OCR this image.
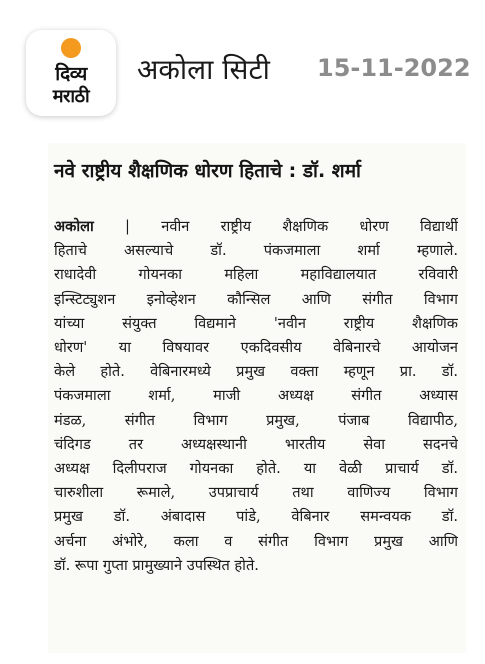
दिव्य
मराठी
अकोला सिटी 15-11-2022
नवे राष्ट्रीय शैक्षणिक धोरण हिताचे : डॉ. शर्मा
अकोला | नवीन राष्ट्रीय शैक्षणिक धोरण विद्यार्थी
हिताचे असल्याचे डॉ. पंकजमाला शर्मा म्हणाले.
राधादेवी गोयनका महिला महाविद्यालयात रविवारी
इन्स्टिट्युशन इनोव्हेशन कौन्सिल आणि संगीत विभाग
यांच्या संयुक्त विद्यमाने 'नवीन राष्ट्रीय शैक्षणिक
धोरण' या विषयावर एकदिवसीय वेबिनारचे आयोजन
केले होते. वेबिनारमध्ये प्रमुख वक्ता म्हणून प्रा. डॉ.
पंकजमाला शर्मा, माजी अध्यक्ष संगीत अध्यास
मंडळ, संगीत विभाग प्रमुख, पंजाब विद्यापीठ,
चंदिगड तर अध्यक्षस्थानी भारतीय सेवा सदनचे
अध्यक्ष दिलीपराज गोयनका होते. या वेळी प्राचार्य डॉ.
चारुशीला रूमाले, उपप्राचार्य तथा वाणिज्य विभाग
प्रमुख डॉ. अंबादास पांडे, वेबिनार समन्वयक डॉ.
अर्चना अंभोरे, कला व संगीत विभाग प्रमुख आणि
डॉ. रूपा गुप्ता प्रामुख्याने उपस्थित होते.
